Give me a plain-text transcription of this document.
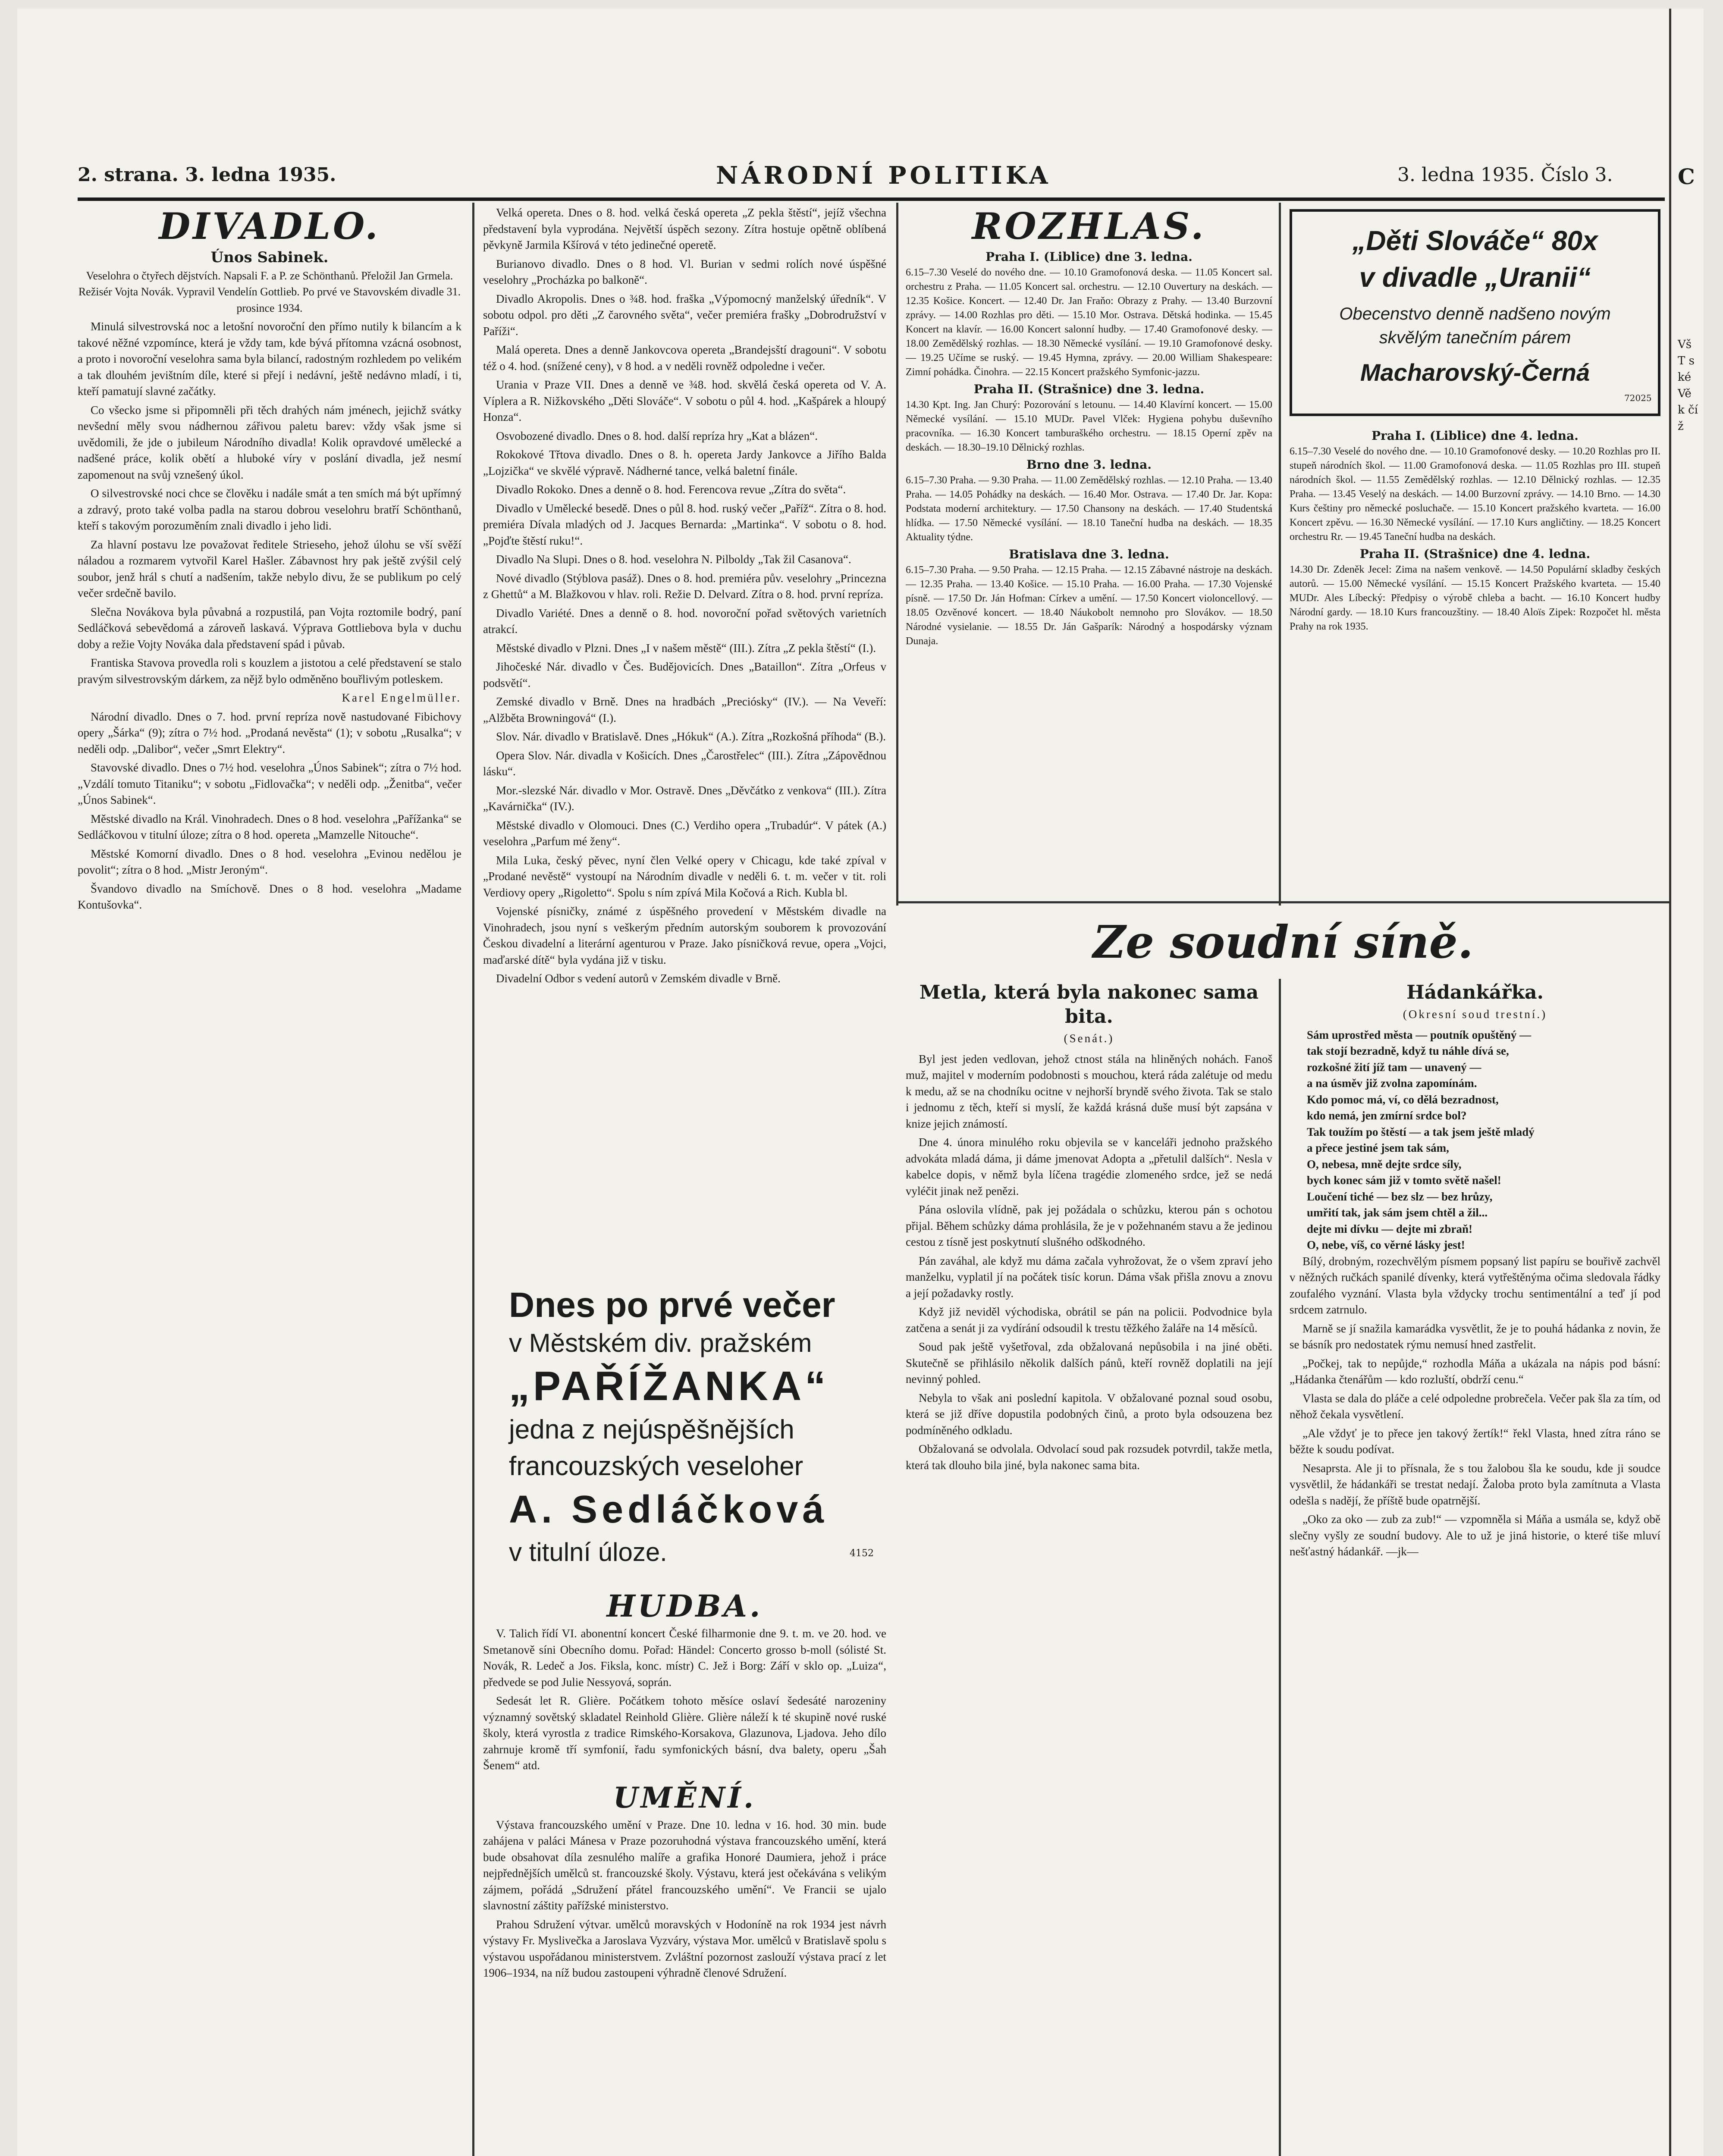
2. strana. 3. ledna 1935.	NÁRODNÍ POLITIKA	3. ledna 1935. Číslo 3.
DIVADLO.
Únos Sabinek.

Veselohra o čtyřech dějstvích. Napsali F. a P. ze Schönthanů. Přeložil Jan Grmela. Režisér Vojta Novák. Vypravil Vendelín Gottlieb. Po prvé ve Stavovském divadle 31. prosince 1934.

Minulá silvestrovská noc a letošní novoroční den přímo nutily k bilancím a k takové něžné vzpomínce, která je vždy tam, kde bývá přítomna vzácná osobnost, a proto i novoroční veselohra sama byla bilancí, radostným rozhledem po velikém a tak dlouhém jevištním díle, které si přejí i nedávní, ještě nedávno mladí, i ti, kteří pamatují slavné začátky.

Co všecko jsme si připomněli při těch drahých nám jménech, jejichž svátky nevšední měly svou nádhernou zářivou paletu barev: vždy však jsme si uvědomili, že jde o jubileum Národního divadla! Kolik opravdové umělecké a nadšené práce, kolik obětí a hluboké víry v poslání divadla, jež nesmí zapomenout na svůj vznešený úkol.

O silvestrovské noci chce se člověku i nadále smát a ten smích má být upřímný a zdravý, proto také volba padla na starou dobrou veselohru bratří Schönthanů, kteří s takovým porozuměním znali divadlo i jeho lidi.

Za hlavní postavu lze považovat ředitele Strieseho, jehož úlohu se vší svěží náladou a rozmarem vytvořil Karel Hašler. Zábavnost hry pak ještě zvýšil celý soubor, jenž hrál s chutí a nadšením, takže nebylo divu, že se publikum po celý večer srdečně bavilo.

Slečna Novákova byla půvabná a rozpustilá, pan Vojta roztomile bodrý, paní Sedláčková sebevědomá a zároveň laskavá. Výprava Gottliebova byla v duchu doby a režie Vojty Nováka dala představení spád i půvab.

Frantiska Stavova provedla roli s kouzlem a jistotou a celé představení se stalo pravým silvestrovským dárkem, za nějž bylo odměněno bouřlivým potleskem.

Karel Engelmüller.

Národní divadlo. Dnes o 7. hod. první repríza nově nastudované Fibichovy opery „Šárka“ (9); zítra o 7½ hod. „Prodaná nevěsta“ (1); v sobotu „Rusalka“; v neděli odp. „Dalibor“, večer „Smrt Elektry“.

Stavovské divadlo. Dnes o 7½ hod. veselohra „Únos Sabinek“; zítra o 7½ hod. „Vzdálí tomuto Titaniku“; v sobotu „Fidlovačka“; v neděli odp. „Ženitba“, večer „Únos Sabinek“.

Městské divadlo na Král. Vinohradech. Dnes o 8 hod. veselohra „Pařížanka“ se Sedláčkovou v titulní úloze; zítra o 8 hod. opereta „Mamzelle Nitouche“.

Městské Komorní divadlo. Dnes o 8 hod. veselohra „Evinou nedělou je povolit“; zítra o 8 hod. „Mistr Jeroným“.

Švandovo divadlo na Smíchově. Dnes o 8 hod. veselohra „Madame Kontušovka“.

Velká opereta. Dnes o 8. hod. velká česká opereta „Z pekla štěstí“, jejíž všechna představení byla vyprodána. Největší úspěch sezony. Zítra hostuje opětně oblíbená pěvkyně Jarmila Kšírová v této jedinečné operetě.

Burianovo divadlo. Dnes o 8 hod. Vl. Burian v sedmi rolích nové úspěšné veselohry „Procházka po balkoně“.

Divadlo Akropolis. Dnes o ¾8. hod. fraška „Výpomocný manželský úředník“. V sobotu odpol. pro děti „Z čarovného světa“, večer premiéra frašky „Dobrodružství v Paříži“.

Malá opereta. Dnes a denně Jankovcova opereta „Brandejsští dragouni“. V sobotu též o 4. hod. (snížené ceny), v 8 hod. a v neděli rovněž odpoledne i večer.

Urania v Praze VII. Dnes a denně ve ¾8. hod. skvělá česká opereta od V. A. Víplera a R. Nižkovského „Děti Slováče“. V sobotu o půl 4. hod. „Kašpárek a hloupý Honza“.

Osvobozené divadlo. Dnes o 8. hod. další repríza hry „Kat a blázen“.

Rokokové Třtova divadlo. Dnes o 8. h. opereta Jardy Jankovce a Jiřího Balda „Lojzička“ ve skvělé výpravě. Nádherné tance, velká baletní finále.

Divadlo Rokoko. Dnes a denně o 8. hod. Ferencova revue „Zítra do světa“.

Divadlo v Umělecké besedě. Dnes o půl 8. hod. ruský večer „Paříž“. Zítra o 8. hod. premiéra Dívala mladých od J. Jacques Bernarda: „Martinka“. V sobotu o 8. hod. „Pojďte štěstí ruku!“.

Divadlo Na Slupi. Dnes o 8. hod. veselohra N. Pilboldy „Tak žil Casanova“.

Nové divadlo (Stýblova pasáž). Dnes o 8. hod. premiéra pův. veselohry „Princezna z Ghettů“ a M. Blažkovou v hlav. roli. Režie D. Delvard. Zítra o 8. hod. první repríza.

Divadlo Variété. Dnes a denně o 8. hod. novoroční pořad světových varietních atrakcí.

Městské divadlo v Plzni. Dnes „I v našem městě“ (III.). Zítra „Z pekla štěstí“ (I.).

Jihočeské Nár. divadlo v Čes. Budějovicích. Dnes „Bataillon“. Zítra „Orfeus v podsvětí“.

Zemské divadlo v Brně. Dnes na hradbách „Preciósky“ (IV.). — Na Veveří: „Alžběta Browningová“ (I.).

Slov. Nár. divadlo v Bratislavě. Dnes „Hókuk“ (A.). Zítra „Rozkošná příhoda“ (B.).

Opera Slov. Nár. divadla v Košicích. Dnes „Čarostřelec“ (III.). Zítra „Zápovědnou lásku“.

Mor.-slezské Nár. divadlo v Mor. Ostravě. Dnes „Děvčátko z venkova“ (III.). Zítra „Kavárnička“ (IV.).

Městské divadlo v Olomouci. Dnes (C.) Verdiho opera „Trubadúr“. V pátek (A.) veselohra „Parfum mé ženy“.

Mila Luka, český pěvec, nyní člen Velké opery v Chicagu, kde také zpíval v „Prodané nevěstě“ vystoupí na Národním divadle v neděli 6. t. m. večer v tit. roli Verdiovy opery „Rigoletto“. Spolu s ním zpívá Mila Kočová a Rich. Kubla bl.

Vojenské písničky, známé z úspěšného provedení v Městském divadle na Vinohradech, jsou nyní s veškerým předním autorským souborem k provozování Českou divadelní a literární agenturou v Praze. Jako písničková revue, opera „Vojci, maďarské dítě“ byla vydána již v tisku.

Divadelní Odbor s vedení autorů v Zemském divadle v Brně.

Dnes po prvé večer
v Městském div. pražském
„PAŘÍŽANKA“
jedna z nejúspěšnějších
francouzských veseloher
A. Sedláčková
v titulní úloze.	4152
HUDBA.

V. Talich řídí VI. abonentní koncert České filharmonie dne 9. t. m. ve 20. hod. ve Smetanově síni Obecního domu. Pořad: Händel: Concerto grosso b-moll (sólisté St. Novák, R. Ledeč a Jos. Fiksla, konc. místr) C. Jež i Borg: Září v sklo op. „Luiza“, předvede se pod Julie Nessyová, soprán.

Sedesát let R. Glière. Počátkem tohoto měsíce oslaví šedesáté narozeniny významný sovětský skladatel Reinhold Glière. Glière náleží k té skupině nové ruské školy, která vyrostla z tradice Rimského-Korsakova, Glazunova, Ljadova. Jeho dílo zahrnuje kromě tří symfonií, řadu symfonických básní, dva balety, operu „Šah Šenem“ atd.

UMĚNÍ.

Výstava francouzského umění v Praze. Dne 10. ledna v 16. hod. 30 min. bude zahájena v paláci Mánesa v Praze pozoruhodná výstava francouzského umění, která bude obsahovat díla zesnulého malíře a grafika Honoré Daumiera, jehož i práce nejpřednějších umělců st. francouzské školy. Výstavu, která jest očekávána s velikým zájmem, pořádá „Sdružení přátel francouzského umění“. Ve Francii se ujalo slavnostní záštity pařížské ministerstvo.

Prahou Sdružení výtvar. umělců moravských v Hodoníně na rok 1934 jest návrh výstavy Fr. Myslivečka a Jaroslava Vyzváry, výstava Mor. umělců v Bratislavě spolu s výstavou uspořádanou ministerstvem. Zvláštní pozornost zaslouží výstava prací z let 1906–1934, na níž budou zastoupeni výhradně členové Sdružení.

ROZHLAS.
Praha I. (Liblice) dne 3. ledna.

6.15–7.30 Veselé do nového dne. — 10.10 Gramofonová deska. — 11.05 Koncert sal. orchestru z Praha. — 11.05 Koncert sal. orchestru. — 12.10 Ouvertury na deskách. — 12.35 Košice. Koncert. — 12.40 Dr. Jan Fraňo: Obrazy z Prahy. — 13.40 Burzovní zprávy. — 14.00 Rozhlas pro děti. — 15.10 Mor. Ostrava. Dětská hodinka. — 15.45 Koncert na klavír. — 16.00 Koncert salonní hudby. — 17.40 Gramofonové desky. — 18.00 Zemědělský rozhlas. — 18.30 Německé vysílání. — 19.10 Gramofonové desky. — 19.25 Učíme se ruský. — 19.45 Hymna, zprávy. — 20.00 William Shakespeare: Zimní pohádka. Činohra. — 22.15 Koncert pražského Symfonic-jazzu.

Praha II. (Strašnice) dne 3. ledna.

14.30 Kpt. Ing. Jan Churý: Pozorování s letounu. — 14.40 Klavírní koncert. — 15.00 Německé vysílání. — 15.10 MUDr. Pavel Vlček: Hygiena pohybu duševního pracovníka. — 16.30 Koncert tamburaškého orchestru. — 18.15 Operní zpěv na deskách. — 18.30–19.10 Dělnický rozhlas.

Brno dne 3. ledna.

6.15–7.30 Praha. — 9.30 Praha. — 11.00 Zemědělský rozhlas. — 12.10 Praha. — 13.40 Praha. — 14.05 Pohádky na deskách. — 16.40 Mor. Ostrava. — 17.40 Dr. Jar. Kopa: Podstata moderní architektury. — 17.50 Chansony na deskách. — 17.40 Studentská hlídka. — 17.50 Německé vysílání. — 18.10 Taneční hudba na deskách. — 18.35 Aktuality týdne.

Bratislava dne 3. ledna.

6.15–7.30 Praha. — 9.50 Praha. — 12.15 Praha. — 12.15 Zábavné nástroje na deskách. — 12.35 Praha. — 13.40 Košice. — 15.10 Praha. — 16.00 Praha. — 17.30 Vojenské písně. — 17.50 Dr. Ján Hofman: Církev a umění. — 17.50 Koncert violoncellový. — 18.05 Ozvěnové koncert. — 18.40 Náukobolt nemnoho pro Slovákov. — 18.50 Národné vysielanie. — 18.55 Dr. Ján Gašparík: Národný a hospodársky význam Dunaja.

„Děti Slováče“ 80x
v divadle „Uranii“
Obecenstvo denně nadšeno novým
skvělým tanečním párem
Macharovský-Černá
72025
Praha I. (Liblice) dne 4. ledna.

6.15–7.30 Veselé do nového dne. — 10.10 Gramofonové desky. — 10.20 Rozhlas pro II. stupeň národních škol. — 11.00 Gramofonová deska. — 11.05 Rozhlas pro III. stupeň národních škol. — 11.55 Zemědělský rozhlas. — 12.10 Dělnický rozhlas. — 12.35 Praha. — 13.45 Veselý na deskách. — 14.00 Burzovní zprávy. — 14.10 Brno. — 14.30 Kurs češtiny pro německé posluchače. — 15.10 Koncert pražského kvarteta. — 16.00 Koncert zpěvu. — 16.30 Německé vysílání. — 17.10 Kurs angličtiny. — 18.25 Koncert orchestru Rr. — 19.45 Taneční hudba na deskách.

Praha II. (Strašnice) dne 4. ledna.

14.30 Dr. Zdeněk Jecel: Zima na našem venkově. — 14.50 Populární skladby českých autorů. — 15.00 Německé vysílání. — 15.15 Koncert Pražského kvarteta. — 15.40 MUDr. Ales Líbecký: Předpisy o výrobě chleba a bacht. — 16.10 Koncert hudby Národní gardy. — 18.10 Kurs francouzštiny. — 18.40 Aloïs Zipek: Rozpočet hl. města Prahy na rok 1935.

Ze soudní síně.
Metla, která byla nakonec sama bita.
(Senát.)

Byl jest jeden vedlovan, jehož ctnost stála na hliněných nohách. Fanoš muž, majitel v moderním podobnosti s mouchou, která ráda zalétuje od medu k medu, až se na chodníku ocitne v nejhorší bryndě svého života. Tak se stalo i jednomu z těch, kteří si myslí, že každá krásná duše musí být zapsána v knize jejich známostí.

Dne 4. února minulého roku objevila se v kanceláři jednoho pražského advokáta mladá dáma, ji dáme jmenovat Adopta a „přetulil dalších“. Nesla v kabelce dopis, v němž byla líčena tragédie zlomeného srdce, jež se nedá vyléčit jinak než penězi.

Pána oslovila vlídně, pak jej požádala o schůzku, kterou pán s ochotou přijal. Během schůzky dáma prohlásila, že je v požehnaném stavu a že jedinou cestou z tísně jest poskytnutí slušného odškodného.

Pán zaváhal, ale když mu dáma začala vyhrožovat, že o všem zpraví jeho manželku, vyplatil jí na počátek tisíc korun. Dáma však přišla znovu a znovu a její požadavky rostly.

Když již neviděl východiska, obrátil se pán na policii. Podvodnice byla zatčena a senát ji za vydírání odsoudil k trestu těžkého žaláře na 14 měsíců.

Soud pak ještě vyšetřoval, zda obžalovaná nepůsobila i na jiné oběti. Skutečně se přihlásilo několik dalších pánů, kteří rovněž doplatili na její nevinný pohled.

Nebyla to však ani poslední kapitola. V obžalované poznal soud osobu, která se již dříve dopustila podobných činů, a proto byla odsouzena bez podmíněného odkladu.

Obžalovaná se odvolala. Odvolací soud pak rozsudek potvrdil, takže metla, která tak dlouho bila jiné, byla nakonec sama bita.

Hádankářka.
(Okresní soud trestní.)
Sám uprostřed města — poutník opuštěný —
tak stojí bezradně, když tu náhle dívá se,
rozkošné žití jíž tam — unavený —
a na úsměv již zvolna zapomínám.
Kdo pomoc má, ví, co dělá bezradnost,
kdo nemá, jen zmírní srdce bol?
Tak toužím po štěstí — a tak jsem ještě mladý
a přece jestiné jsem tak sám,
O, nebesa, mně dejte srdce síly,
bych konec sám již v tomto světě našel!
Loučení tiché — bez slz — bez hrůzy,
umřití tak, jak sám jsem chtěl a žil...
dejte mi dívku — dejte mi zbraň!
O, nebe, víš, co věrné lásky jest!

Bílý, drobným, rozechvělým písmem popsaný list papíru se bouřivě zachvěl v něžných ručkách spanilé dívenky, která vytřeštěnýma očima sledovala řádky zoufalého vyznání. Vlasta byla vždycky trochu sentimentální a teď jí pod srdcem zatrnulo.

Marně se jí snažila kamarádka vysvětlit, že je to pouhá hádanka z novin, že se básník pro nedostatek rýmu nemusí hned zastřelit.

„Počkej, tak to nepůjde,“ rozhodla Máňa a ukázala na nápis pod básní: „Hádanka čtenářům — kdo rozluští, obdrží cenu.“

Vlasta se dala do pláče a celé odpoledne probrečela. Večer pak šla za tím, od něhož čekala vysvětlení.

„Ale vždyť je to přece jen takový žertík!“ řekl Vlasta, hned zítra ráno se běžte k soudu podívat.

Nesaprsta. Ale ji to přísnala, že s tou žalobou šla ke soudu, kde ji soudce vysvětlil, že hádankáři se trestat nedají. Žaloba proto byla zamítnuta a Vlasta odešla s nadějí, že příště bude opatrnější.

„Oko za oko — zub za zub!“ — vzpomněla si Máňa a usmála se, když obě slečny vyšly ze soudní budovy. Ale to už je jiná historie, o které tiše mluví nešťastný hádankář. —jk—

C
Vš T ské Vě k čí ž
